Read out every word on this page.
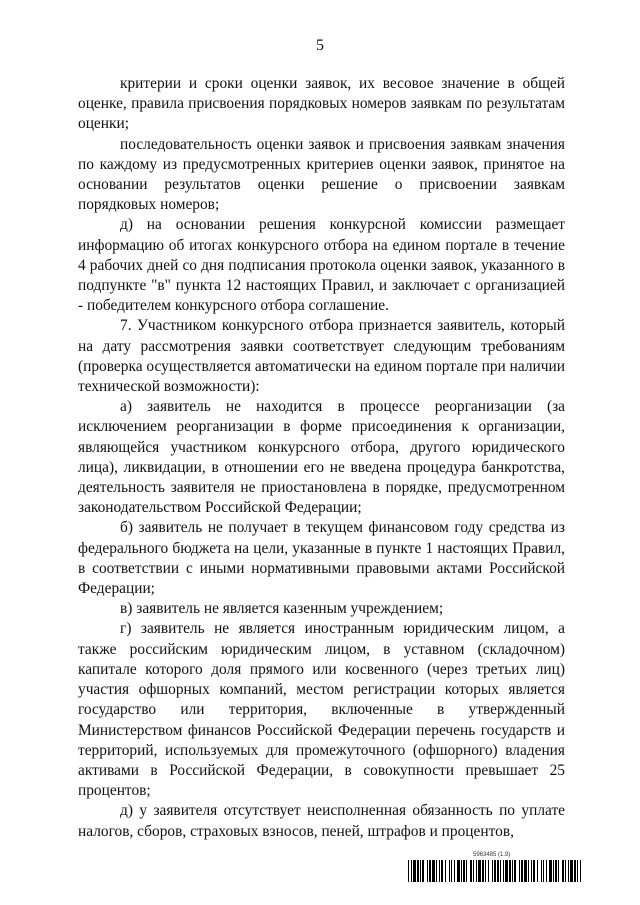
5

критерии и сроки оценки заявок, их весовое значение в общей оценке, правила присвоения порядковых номеров заявкам по результатам оценки;

последовательность оценки заявок и присвоения заявкам значения по каждому из предусмотренных критериев оценки заявок, принятое на основании результатов оценки решение о присвоении заявкам порядковых номеров;

д) на основании решения конкурсной комиссии размещает информацию об итогах конкурсного отбора на едином портале в течение 4 рабочих дней со дня подписания протокола оценки заявок, указанного в подпункте "в" пункта 12 настоящих Правил, и заключает с организацией - победителем конкурсного отбора соглашение.

7. Участником конкурсного отбора признается заявитель, который на дату рассмотрения заявки соответствует следующим требованиям (проверка осуществляется автоматически на едином портале при наличии технической возможности):

а) заявитель не находится в процессе реорганизации (за исключением реорганизации в форме присоединения к организации, являющейся участником конкурсного отбора, другого юридического лица), ликвидации, в отношении его не введена процедура банкротства, деятельность заявителя не приостановлена в порядке, предусмотренном законодательством Российской Федерации;

б) заявитель не получает в текущем финансовом году средства из федерального бюджета на цели, указанные в пункте 1 настоящих Правил, в соответствии с иными нормативными правовыми актами Российской Федерации;

в) заявитель не является казенным учреждением;

г) заявитель не является иностранным юридическим лицом, а также российским юридическим лицом, в уставном (складочном) капитале которого доля прямого или косвенного (через третьих лиц) участия офшорных компаний, местом регистрации которых является государство или территория, включенные в утвержденный Министерством финансов Российской Федерации перечень государств и территорий, используемых для промежуточного (офшорного) владения активами в Российской Федерации, в совокупности превышает 25 процентов;

д) у заявителя отсутствует неисполненная обязанность по уплате налогов, сборов, страховых взносов, пеней, штрафов и процентов,

5963485 (1.9)
